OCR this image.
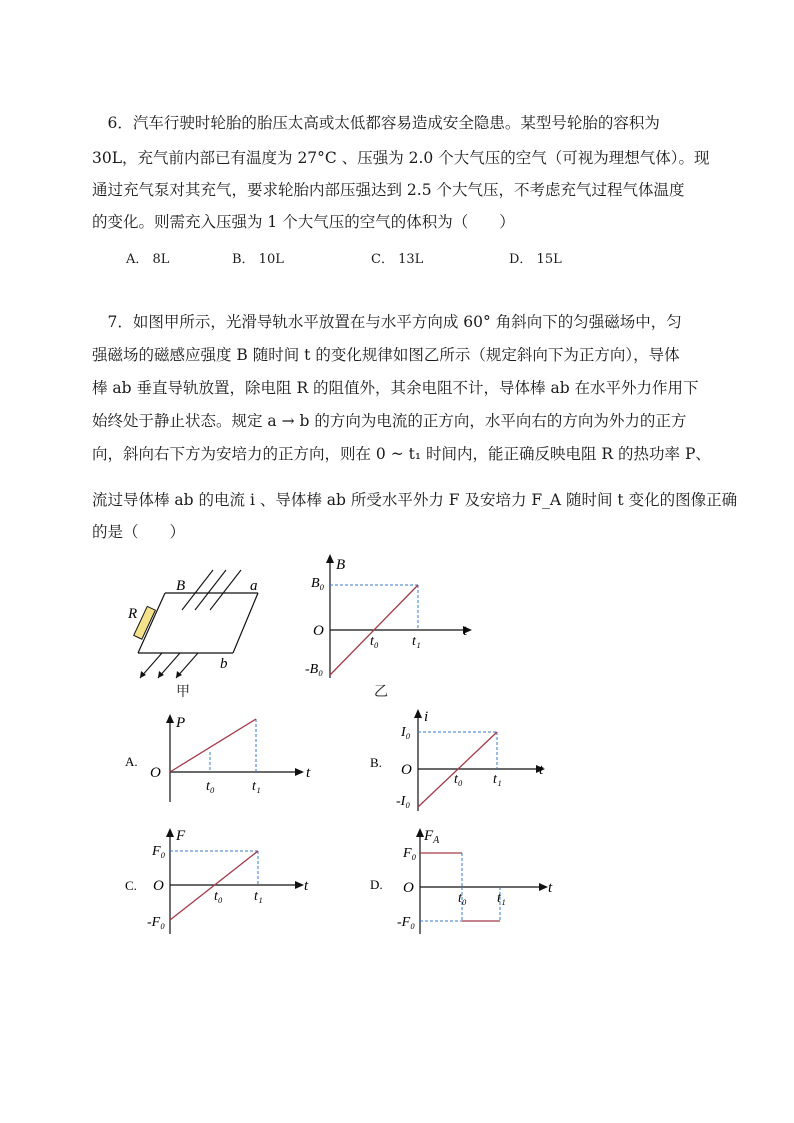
　6．汽车行驶时轮胎的胎压太高或太低都容易造成安全隐患。某型号轮胎的容积为
30L，充气前内部已有温度为 27°C 、压强为 2.0 个大气压的空气（可视为理想气体）。现
通过充气泵对其充气，要求轮胎内部压强达到 2.5 个大气压，不考虑充气过程气体温度
的变化。则需充入压强为 1 个大气压的空气的体积为（　　）
A． 8L	B． 10L	C． 13L	D． 15L
　7．如图甲所示，光滑导轨水平放置在与水平方向成 60° 角斜向下的匀强磁场中，匀
强磁场的磁感应强度 B 随时间 t 的变化规律如图乙所示（规定斜向下为正方向），导体
棒 ab 垂直导轨放置，除电阻 R 的阻值外，其余电阻不计，导体棒 ab 在水平外力作用下
始终处于静止状态。规定 a → b 的方向为电流的正方向，水平向右的方向为外力的正方
向，斜向右下方为安培力的正方向，则在 0 ~ t₁ 时间内，能正确反映电阻 R 的热功率 P、
流过导体棒 ab 的电流 i 、导体棒 ab 所受水平外力 F 及安培力 F_A 随时间 t 变化的图像正确
的是（　　）
B	a
R
b
甲
B
B₀
O
t₀ t₁
t
-B₀
乙
A.
P
O
t₀	t₁
t
B.
i
I₀
O
t₀ t₁
t
-I₀
C.
F
F₀
O
t₀ t₁
t
-F₀
D.
$F_A$
F₀
O
t₀ t₁
t
-F₀
